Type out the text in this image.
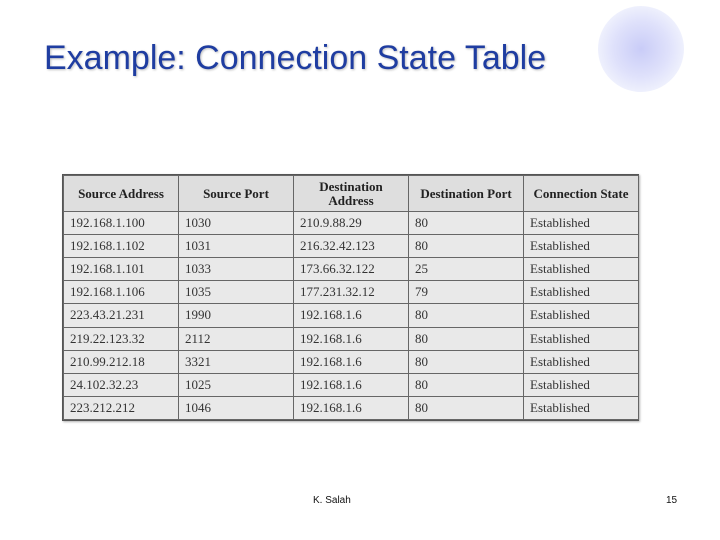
Example: Connection State Table
Source Address	Source Port	Destination Address	Destination Port	Connection State
192.168.1.100	1030	210.9.88.29	80	Established
192.168.1.102	1031	216.32.42.123	80	Established
192.168.1.101	1033	173.66.32.122	25	Established
192.168.1.106	1035	177.231.32.12	79	Established
223.43.21.231	1990	192.168.1.6	80	Established
219.22.123.32	2112	192.168.1.6	80	Established
210.99.212.18	3321	192.168.1.6	80	Established
24.102.32.23	1025	192.168.1.6	80	Established
223.212.212	1046	192.168.1.6	80	Established
K. Salah	15
